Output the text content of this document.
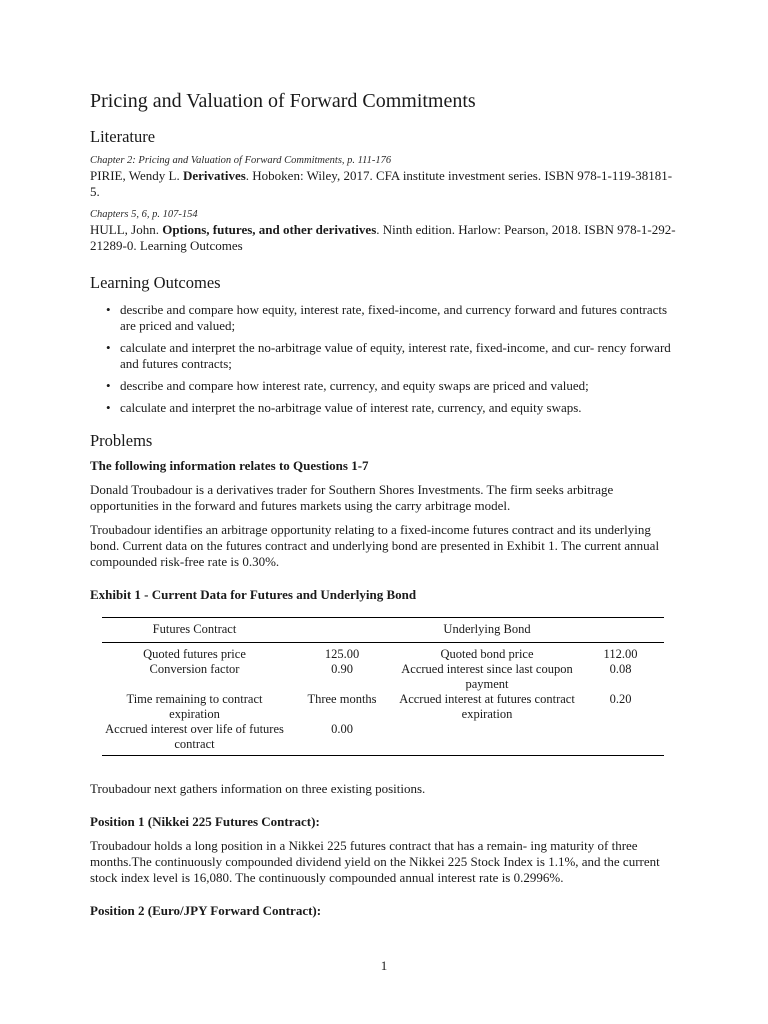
Pricing and Valuation of Forward Commitments
Literature

Chapter 2: Pricing and Valuation of Forward Commitments, p. 111-176

PIRIE, Wendy L. Derivatives. Hoboken: Wiley, 2017. CFA institute investment series. ISBN 978-1-119-38181-5.

Chapters 5, 6, p. 107-154

HULL, John. Options, futures, and other derivatives. Ninth edition. Harlow: Pearson, 2018. ISBN 978-1-292-21289-0. Learning Outcomes

Learning Outcomes
• describe and compare how equity, interest rate, fixed-income, and currency forward and futures contracts are priced and valued;
• calculate and interpret the no-arbitrage value of equity, interest rate, fixed-income, and cur- rency forward and futures contracts;
• describe and compare how interest rate, currency, and equity swaps are priced and valued;
• calculate and interpret the no-arbitrage value of interest rate, currency, and equity swaps.
Problems

The following information relates to Questions 1-7

Donald Troubadour is a derivatives trader for Southern Shores Investments. The firm seeks arbitrage opportunities in the forward and futures markets using the carry arbitrage model.

Troubadour identifies an arbitrage opportunity relating to a fixed-income futures contract and its underlying bond. Current data on the futures contract and underlying bond are presented in Exhibit 1. The current annual compounded risk-free rate is 0.30%.

Exhibit 1 - Current Data for Futures and Underlying Bond

Futures Contract		Underlying Bond	
Quoted futures price	125.00	Quoted bond price	112.00
Conversion factor	0.90	Accrued interest since last coupon payment	0.08
Time remaining to contract expiration	Three months	Accrued interest at futures contract expiration	0.20
Accrued interest over life of futures contract	0.00		

Troubadour next gathers information on three existing positions.

Position 1 (Nikkei 225 Futures Contract):

Troubadour holds a long position in a Nikkei 225 futures contract that has a remain- ing maturity of three months.The continuously compounded dividend yield on the Nikkei 225 Stock Index is 1.1%, and the current stock index level is 16,080. The continuously compounded annual interest rate is 0.2996%.

Position 2 (Euro/JPY Forward Contract):

1
